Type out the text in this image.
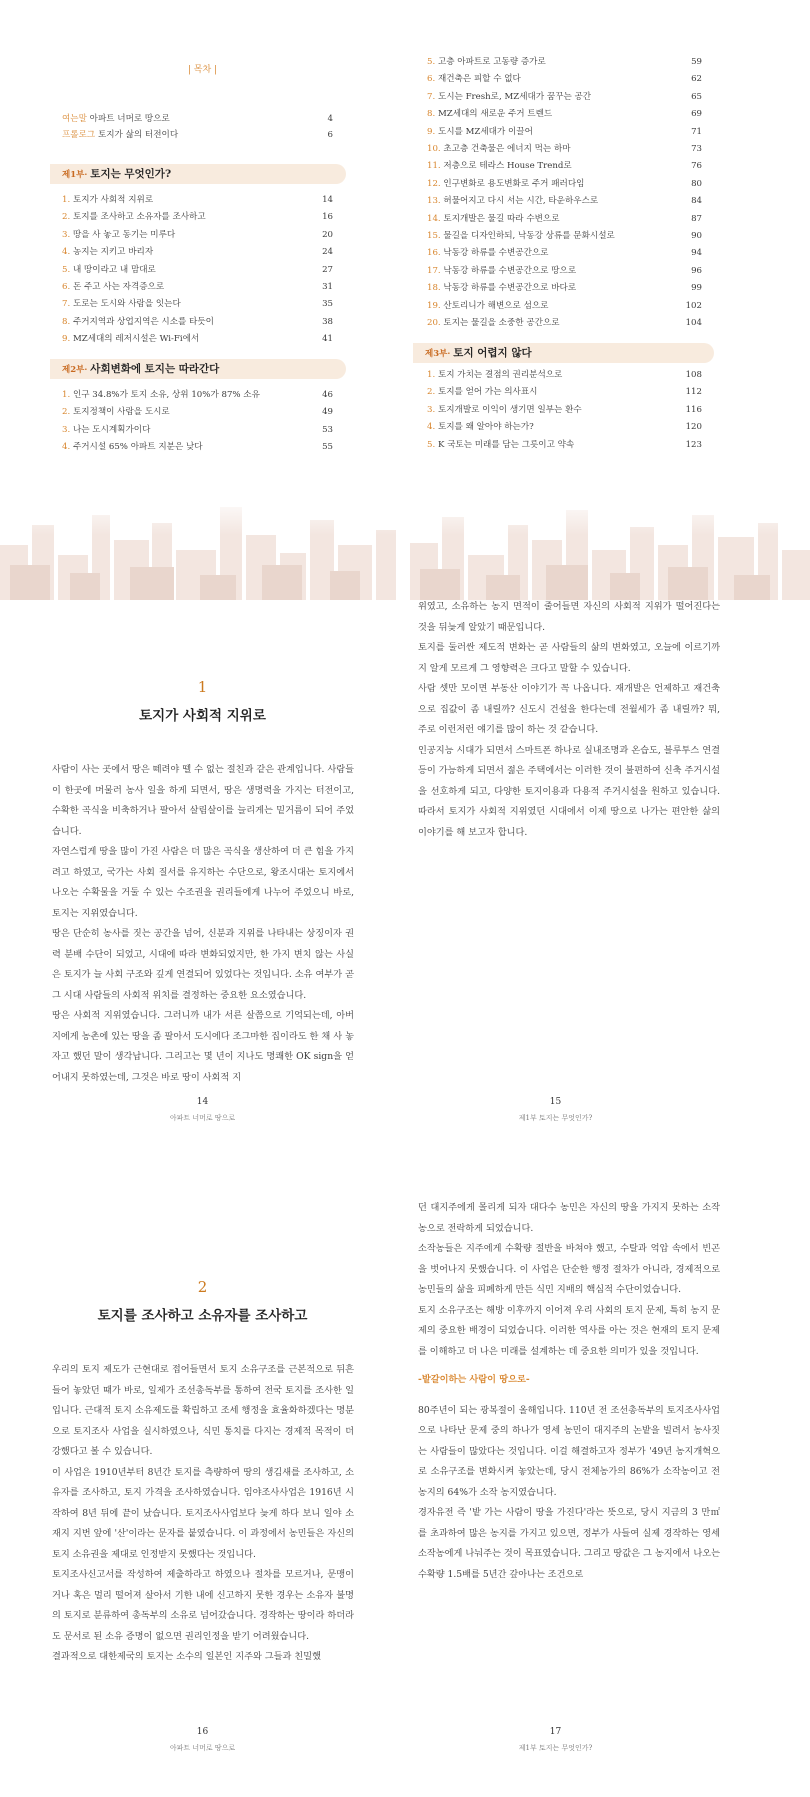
| 목차 |
여는말 아파트 너머로 땅으로	4
프롤로그 토지가 삶의 터전이다	6
제1부· 토지는 무엇인가?
1. 토지가 사회적 지위로	14
2. 토지를 조사하고 소유자를 조사하고	16
3. 땅을 사 놓고 동기는 미루다	20
4. 농지는 지키고 바리자	24
5. 내 땅이라고 내 맘대로	27
6. 돈 주고 사는 자격증으로	31
7. 도로는 도시와 사람을 잇는다	35
8. 주거지역과 상업지역은 시소를 타듯이	38
9. MZ세대의 레저시설은 Wi-Fi에서	41
제2부· 사회변화에 토지는 따라간다
1. 인구 34.8%가 토지 소유, 상위 10%가 87% 소유	46
2. 토지정책이 사람을 도시로	49
3. 나는 도시계획가이다	53
4. 주거시설 65% 아파트 지분은 낮다	55
5. 고층 아파트로 고동량 증가로	59
6. 재건축은 피할 수 없다	62
7. 도시는 Fresh로, MZ세대가 꿈꾸는 공간	65
8. MZ세대의 새로운 주거 트렌드	69
9. 도시를 MZ세대가 이끌어	71
10. 초고층 건축물은 에너지 먹는 하마	73
11. 저층으로 테라스 House Trend로	76
12. 인구변화로 용도변화로 주거 패러다임	80
13. 허물어지고 다시 서는 시간, 타운하우스로	84
14. 토지개발은 물길 따라 수변으로	87
15. 물길을 디자인하되, 낙동강 상류를 문화시설로	90
16. 낙동강 하류를 수변공간으로	94
17. 낙동강 하류를 수변공간으로 땅으로	96
18. 낙동강 하류를 수변공간으로 바다로	99
19. 산토리니가 해변으로 섬으로	102
20. 토지는 물길을 소중한 공간으로	104
제3부· 토지 어렵지 않다
1. 토지 가치는 결점의 권리분석으로	108
2. 토지를 얻어 가는 의사표시	112
3. 토지개발로 이익이 생기면 일부는 환수	116
4. 토지를 왜 알아야 하는가?	120
5. K 국토는 미래를 담는 그릇이고 약속	123
1
토지가 사회적 지위로

사람이 사는 곳에서 땅은 떼려야 뗄 수 없는 절친과 같은 관계입니다. 사람들이 한곳에 머물러 농사 일을 하게 되면서, 땅은 생명력을 가지는 터전이고, 수확한 곡식을 비축하거나 팔아서 살림살이를 늘리게는 밑거름이 되어 주었습니다.

자연스럽게 땅을 많이 가진 사람은 더 많은 곡식을 생산하여 더 큰 힘을 가지려고 하였고, 국가는 사회 질서를 유지하는 수단으로, 왕조시대는 토지에서 나오는 수확물을 거둘 수 있는 수조권을 권리들에게 나누어 주었으니 바로, 토지는 지위였습니다.

땅은 단순히 농사를 짓는 공간을 넘어, 신분과 지위를 나타내는 상징이자 권력 분배 수단이 되었고, 시대에 따라 변화되었지만, 한 가지 변치 않는 사실은 토지가 늘 사회 구조와 깊게 연결되어 있었다는 것입니다. 소유 여부가 곧 그 시대 사람들의 사회적 위치를 결정하는 중요한 요소였습니다.

땅은 사회적 지위였습니다. 그러니까 내가 서른 살쯤으로 기억되는데, 아버지에게 농촌에 있는 땅을 좀 팔아서 도시에다 조그마한 집이라도 한 채 사 놓자고 했던 말이 생각납니다. 그리고는 몇 년이 지나도 명쾌한 OK sign을 얻어내지 못하였는데, 그것은 바로 땅이 사회적 지

14
아파트 너머로 땅으로

위였고, 소유하는 농지 면적이 줄어들면 자신의 사회적 지위가 떨어진다는 것을 뒤늦게 알았기 때문입니다.

토지를 둘러싼 제도적 변화는 곧 사람들의 삶의 변화였고, 오늘에 이르기까지 알게 모르게 그 영향력은 크다고 말할 수 있습니다.

사람 셋만 모이면 부동산 이야기가 꼭 나옵니다. 재개발은 언제하고 재건축으로 집값이 좀 내릴까? 신도시 건설을 한다는데 전월세가 좀 내릴까? 뭐, 주로 이런저런 얘기를 많이 하는 것 같습니다.

인공지능 시대가 되면서 스마트폰 하나로 실내조명과 온습도, 블루투스 연결 등이 가능하게 되면서 젊은 주택에서는 이러한 것이 불편하여 신축 주거시설을 선호하게 되고, 다양한 토지이용과 다용적 주거시설을 원하고 있습니다. 따라서 토지가 사회적 지위였던 시대에서 이제 땅으로 나가는 편안한 삶의 이야기를 해 보고자 합니다.

15
제1부 토지는 무엇인가?
2
토지를 조사하고 소유자를 조사하고

우리의 토지 제도가 근현대로 접어들면서 토지 소유구조를 근본적으로 뒤흔들어 놓았던 때가 바로, 일제가 조선총독부를 통하여 전국 토지를 조사한 일입니다. 근대적 토지 소유제도를 확립하고 조세 행정을 효율화하겠다는 명분으로 토지조사 사업을 실시하였으나, 식민 통치를 다지는 경제적 목적이 더 강했다고 볼 수 있습니다.

이 사업은 1910년부터 8년간 토지를 측량하여 땅의 생김새를 조사하고, 소유자를 조사하고, 토지 가격을 조사하였습니다. 임야조사사업은 1916년 시작하여 8년 뒤에 끝이 났습니다. 토지조사사업보다 늦게 하다 보니 일야 소재지 지번 앞에 '산'이라는 문자를 붙였습니다. 이 과정에서 농민들은 자신의 토지 소유권을 제대로 인정받지 못했다는 것입니다.

토지조사신고서를 작성하여 제출하라고 하였으나 절차를 모르거나, 문맹이거나 혹은 멀리 떨어져 살아서 기한 내에 신고하지 못한 경우는 소유자 불명의 토지로 분류하여 총독부의 소유로 넘어갔습니다. 경작하는 땅이라 하더라도 문서로 된 소유 증명이 없으면 권리인정을 받기 어려웠습니다.

결과적으로 대한제국의 토지는 소수의 일본인 지주와 그들과 친밀했

16
아파트 너머로 땅으로

던 대지주에게 몰리게 되자 대다수 농민은 자신의 땅을 가지지 못하는 소작농으로 전락하게 되었습니다.

소작농들은 지주에게 수확량 절반을 바쳐야 했고, 수탈과 억압 속에서 빈곤을 벗어나지 못했습니다. 이 사업은 단순한 행정 절차가 아니라, 경제적으로 농민들의 삶을 피폐하게 만든 식민 지배의 핵심적 수단이었습니다.

토지 소유구조는 해방 이후까지 이어져 우리 사회의 토지 문제, 특히 농지 문제의 중요한 배경이 되었습니다. 이러한 역사를 아는 것은 현재의 토지 문제를 이해하고 더 나은 미래를 설계하는 데 중요한 의미가 있을 것입니다.

-밭갈이하는 사람이 땅으로-

80주년이 되는 광복절이 올해입니다. 110년 전 조선총독부의 토지조사사업으로 나타난 문제 중의 하나가 영세 농민이 대지주의 논밭을 빌려서 농사짓는 사람들이 많았다는 것입니다. 이걸 해결하고자 정부가 '49년 농지개혁으로 소유구조를 변화시켜 놓았는데, 당시 전체농가의 86%가 소작농이고 전 농지의 64%가 소작 농지였습니다.

경자유전 즉 '밭 가는 사람이 땅을 가진다'라는 뜻으로, 당시 지금의 3 만㎡를 초과하여 많은 농지를 가지고 있으면, 정부가 사들여 실제 경작하는 영세 소작농에게 나눠주는 것이 목표였습니다. 그리고 땅값은 그 농지에서 나오는 수확량 1.5배를 5년간 갚아나는 조건으로

17
제1부 토지는 무엇인가?
